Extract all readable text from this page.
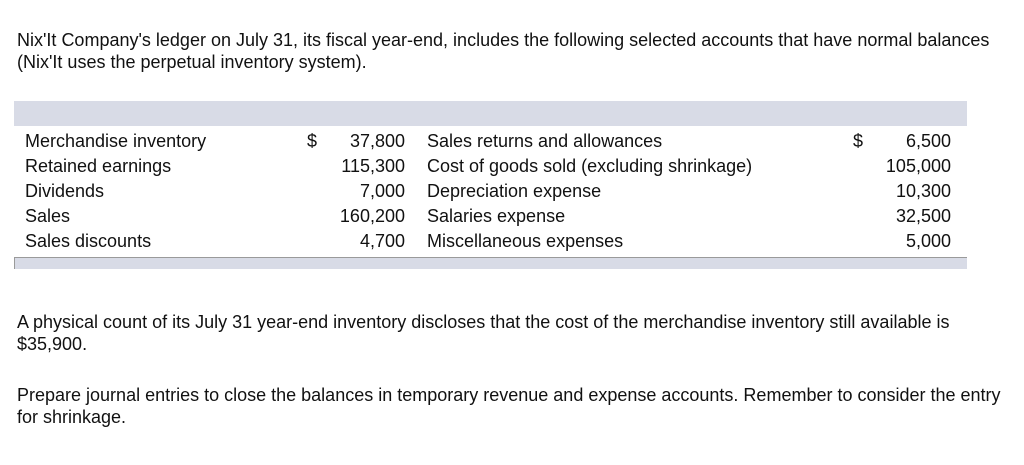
Nix'It Company's ledger on July 31, its fiscal year-end, includes the following selected accounts that have normal balances (Nix'It uses the perpetual inventory system).

Merchandise inventory
Retained earnings
Dividends
Sales
Sales discounts
$	37,800
115,300
7,000
160,200
4,700
Sales returns and allowances
Cost of goods sold (excluding shrinkage)
Depreciation expense
Salaries expense
Miscellaneous expenses
$	6,500
105,000
10,300
32,500
5,000

A physical count of its July 31 year-end inventory discloses that the cost of the merchandise inventory still available is $35,900.

Prepare journal entries to close the balances in temporary revenue and expense accounts. Remember to consider the entry for shrinkage.
